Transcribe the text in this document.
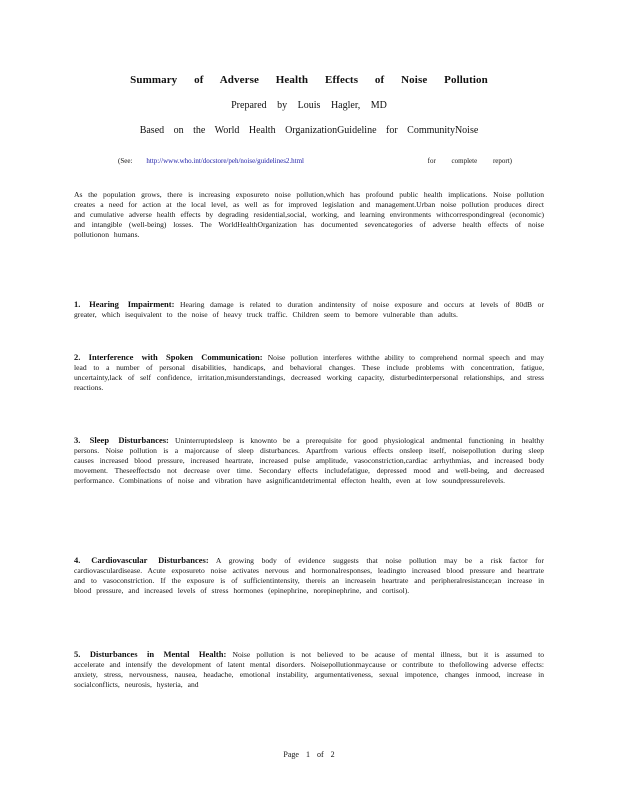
Summary of Adverse Health Effects of Noise Pollution
Prepared by Louis Hagler, MD
Based on the World Health OrganizationGuideline for CommunityNoise
(See: http://www.who.int/docstore/peh/noise/guidelines2.html	for complete report)

As the population grows, there is increasing exposureto noise pollution,which has profound public health implications. Noise pollution creates a need for action at the local level, as well as for improved legislation and management.Urban noise pollution produces direct and cumulative adverse health effects by degrading residential,social, working, and learning environments withcorrespondingreal (economic) and intangible (well-being) losses. The WorldHealthOrganization has documented sevencategories of adverse health effects of noise pollutionon humans.

1. Hearing Impairment: Hearing damage is related to duration andintensity of noise exposure and occurs at levels of 80dB or greater, which isequivalent to the noise of heavy truck traffic. Children seem to bemore vulnerable than adults.

2. Interference with Spoken Communication: Noise pollution interferes withthe ability to comprehend normal speech and may lead to a number of personal disabilities, handicaps, and behavioral changes. These include problems with concentration, fatigue, uncertainty,lack of self confidence, irritation,misunderstandings, decreased working capacity, disturbedinterpersonal relationships, and stress reactions.

3. Sleep Disturbances: Uninterruptedsleep is knownto be a prerequisite for good physiological andmental functioning in healthy persons. Noise pollution is a majorcause of sleep disturbances. Apartfrom various effects onsleep itself, noisepollution during sleep causes increased blood pressure, increased heartrate, increased pulse amplitude, vasoconstriction,cardiac arrhythmias, and increased body movement. Theseeffectsdo not decrease over time. Secondary effects includefatigue, depressed mood and well-being, and decreased performance. Combinations of noise and vibration have asignificantdetrimental effecton health, even at low soundpressurelevels.

4. Cardiovascular Disturbances: A growing body of evidence suggests that noise pollution may be a risk factor for cardiovasculardisease. Acute exposureto noise activates nervous and hormonalresponses, leadingto increased blood pressure and heartrate and to vasoconstriction. If the exposure is of sufficientintensity, thereis an increasein heartrate and peripheralresistance;an increase in blood pressure, and increased levels of stress hormones (epinephrine, norepinephrine, and cortisol).

5. Disturbances in Mental Health: Noise pollution is not believed to be acause of mental illness, but it is assumed to accelerate and intensify the development of latent mental disorders. Noisepollutionmaycause or contribute to thefollowing adverse effects: anxiety, stress, nervousness, nausea, headache, emotional instability, argumentativeness, sexual impotence, changes inmood, increase in socialconflicts, neurosis, hysteria, and

Page 1 of 2
